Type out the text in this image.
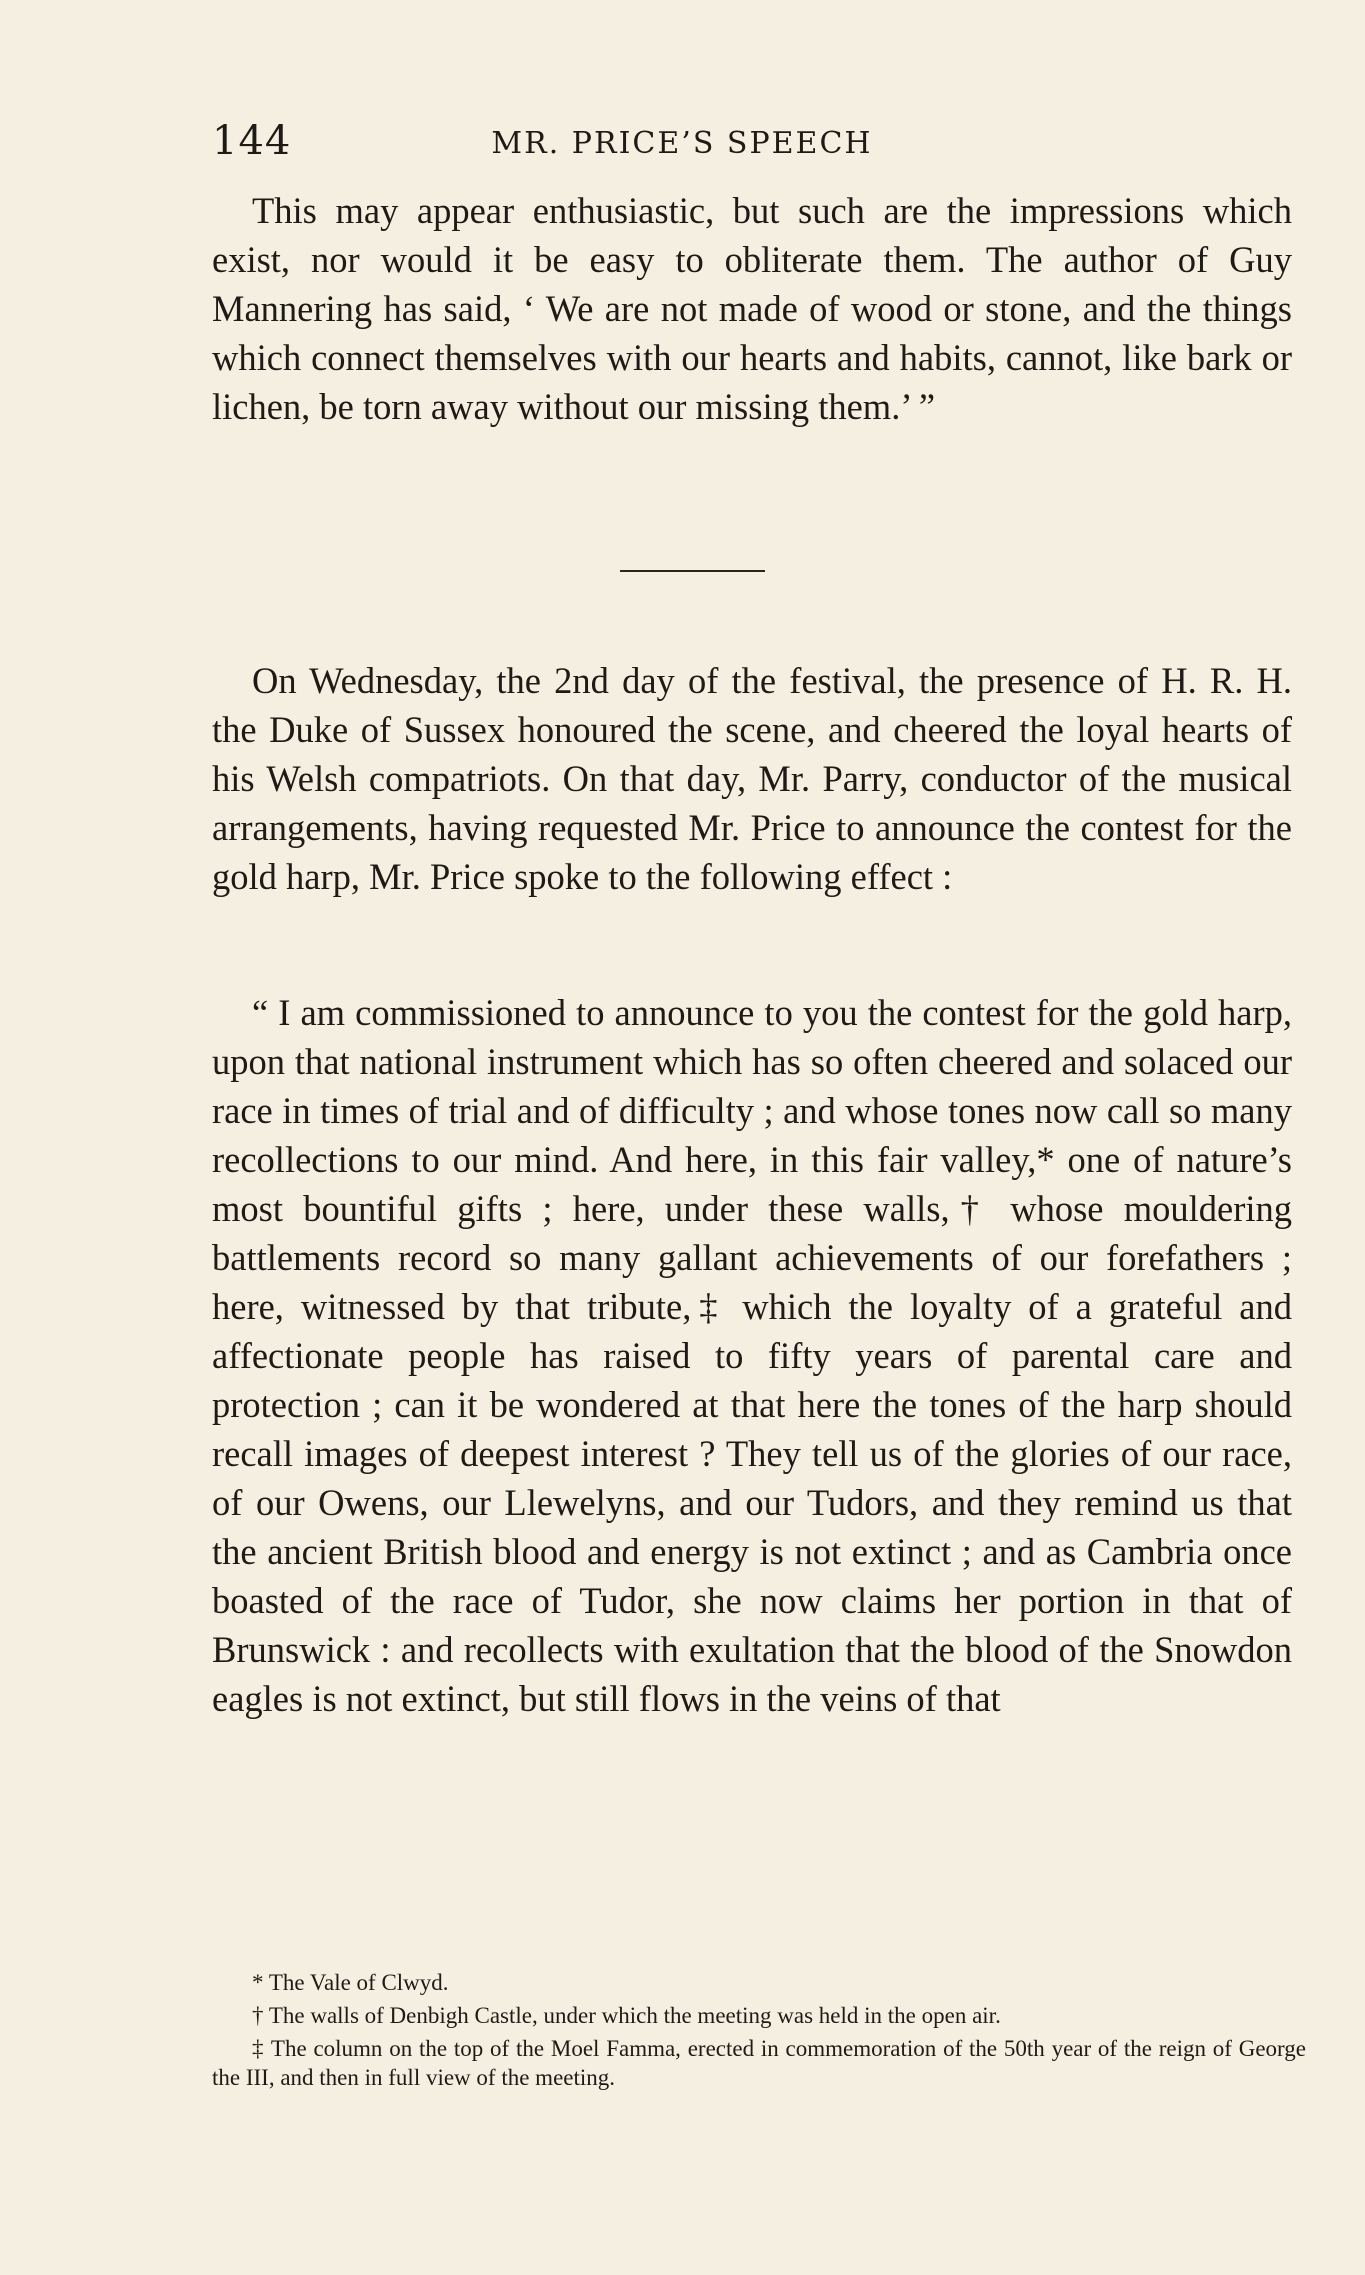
144	MR. PRICE’S SPEECH

This may appear enthusiastic, but such are the impressions which exist, nor would it be easy to obliterate them. The author of Guy Mannering has said, ‘ We are not made of wood or stone, and the things which connect themselves with our hearts and habits, cannot, like bark or lichen, be torn away without our missing them.’ ”

On Wednesday, the 2nd day of the festival, the presence of H. R. H. the Duke of Sussex honoured the scene, and cheered the loyal hearts of his Welsh compatriots. On that day, Mr. Parry, conductor of the musical arrangements, having requested Mr. Price to announce the contest for the gold harp, Mr. Price spoke to the following effect :

“ I am commissioned to announce to you the contest for the gold harp, upon that national instrument which has so often cheered and solaced our race in times of trial and of difficulty ; and whose tones now call so many recollections to our mind. And here, in this fair valley,* one of nature’s most bountiful gifts ; here, under these walls,† whose mouldering battlements record so many gallant achievements of our forefathers ; here, witnessed by that tribute,‡ which the loyalty of a grateful and affectionate people has raised to fifty years of parental care and protection ; can it be wondered at that here the tones of the harp should recall images of deepest interest ? They tell us of the glories of our race, of our Owens, our Llewelyns, and our Tudors, and they remind us that the ancient British blood and energy is not extinct ; and as Cambria once boasted of the race of Tudor, she now claims her portion in that of Brunswick : and recollects with exultation that the blood of the Snowdon eagles is not extinct, but still flows in the veins of that

* The Vale of Clwyd.

† The walls of Denbigh Castle, under which the meeting was held in the open air.

‡ The column on the top of the Moel Famma, erected in commemoration of the 50th year of the reign of George the III, and then in full view of the meeting.
